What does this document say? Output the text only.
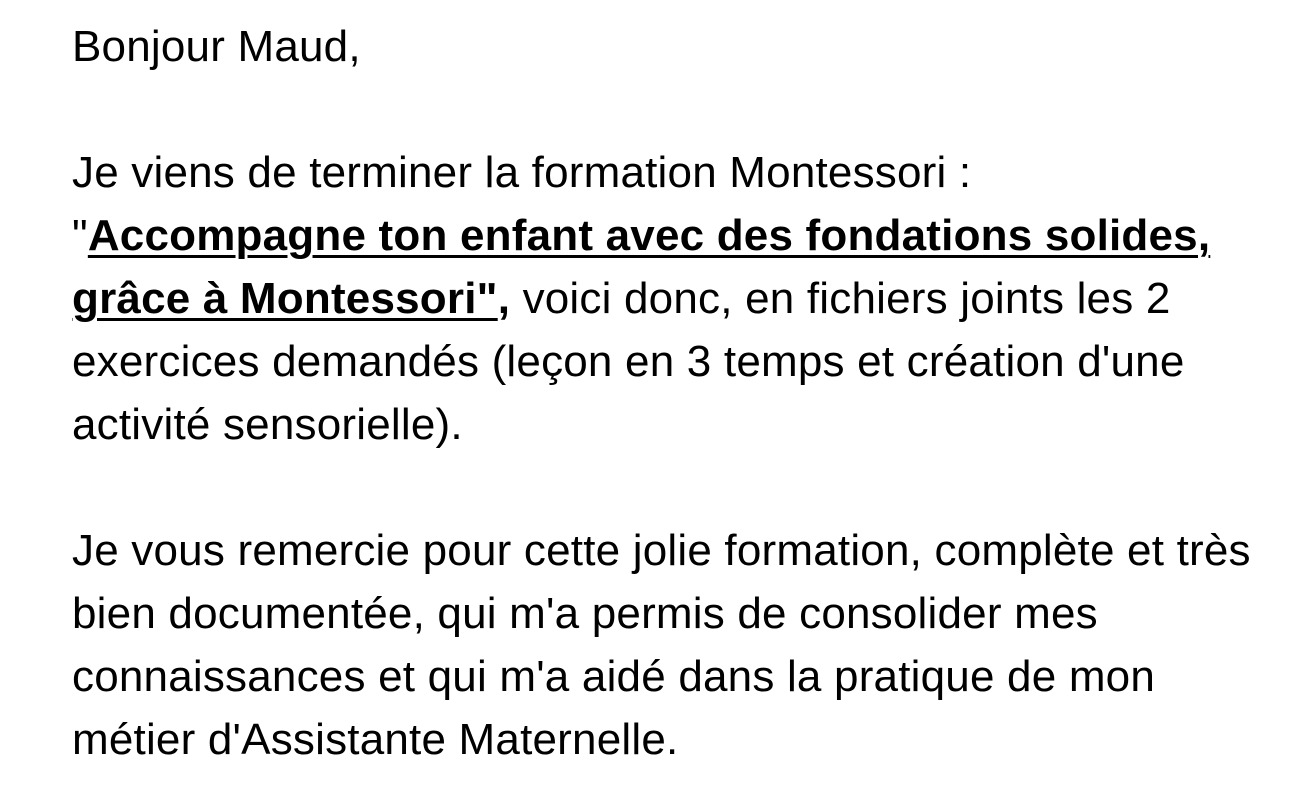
Bonjour Maud,

Je viens de terminer la formation Montessori :
"Accompagne ton enfant avec des fondations solides, grâce à Montessori", voici donc, en fichiers joints les 2 exercices demandés (leçon en 3 temps et création d'une activité sensorielle).

Je vous remercie pour cette jolie formation, complète et très bien documentée, qui m'a permis de consolider mes connaissances et qui m'a aidé dans la pratique de mon métier d'Assistante Maternelle.
